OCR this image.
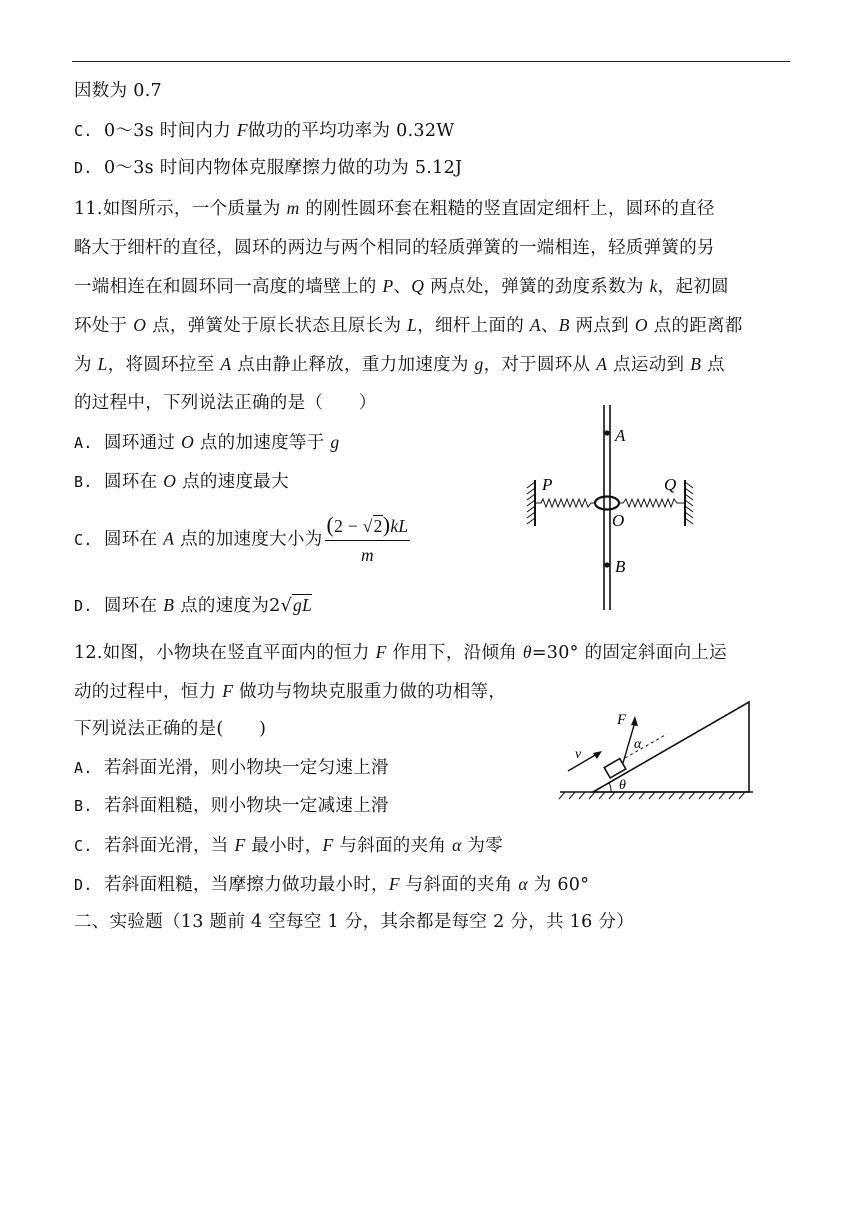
因数为 0.7
C. 0～3s 时间内力 F做功的平均功率为 0.32W
D. 0～3s 时间内物体克服摩擦力做的功为 5.12J
11.如图所示，一个质量为 m 的刚性圆环套在粗糙的竖直固定细杆上，圆环的直径
略大于细杆的直径，圆环的两边与两个相同的轻质弹簧的一端相连，轻质弹簧的另
一端相连在和圆环同一高度的墙壁上的 P、Q 两点处，弹簧的劲度系数为 k，起初圆
环处于 O 点，弹簧处于原长状态且原长为 L，细杆上面的 A、B 两点到 O 点的距离都
为 L，将圆环拉至 A 点由静止释放，重力加速度为 g，对于圆环从 A 点运动到 B 点
的过程中，下列说法正确的是（　　）
A. 圆环通过 O 点的加速度等于 g
B. 圆环在 O 点的速度最大
C. 圆环在 A 点的加速度大小为 $\frac{(2 - √2)kL}{m}$
D. 圆环在 B 点的速度为2√gL
A
B
O
P	Q
12.如图，小物块在竖直平面内的恒力 F 作用下，沿倾角 θ=30° 的固定斜面向上运
动的过程中，恒力 F 做功与物块克服重力做的功相等，
下列说法正确的是(　　)
A. 若斜面光滑，则小物块一定匀速上滑
B. 若斜面粗糙，则小物块一定减速上滑
C. 若斜面光滑，当 F 最小时，F 与斜面的夹角 α 为零
D. 若斜面粗糙，当摩擦力做功最小时，F 与斜面的夹角 α 为 60°
θ
F
α
v
二、实验题（13 题前 4 空每空 1 分，其余都是每空 2 分，共 16 分）
